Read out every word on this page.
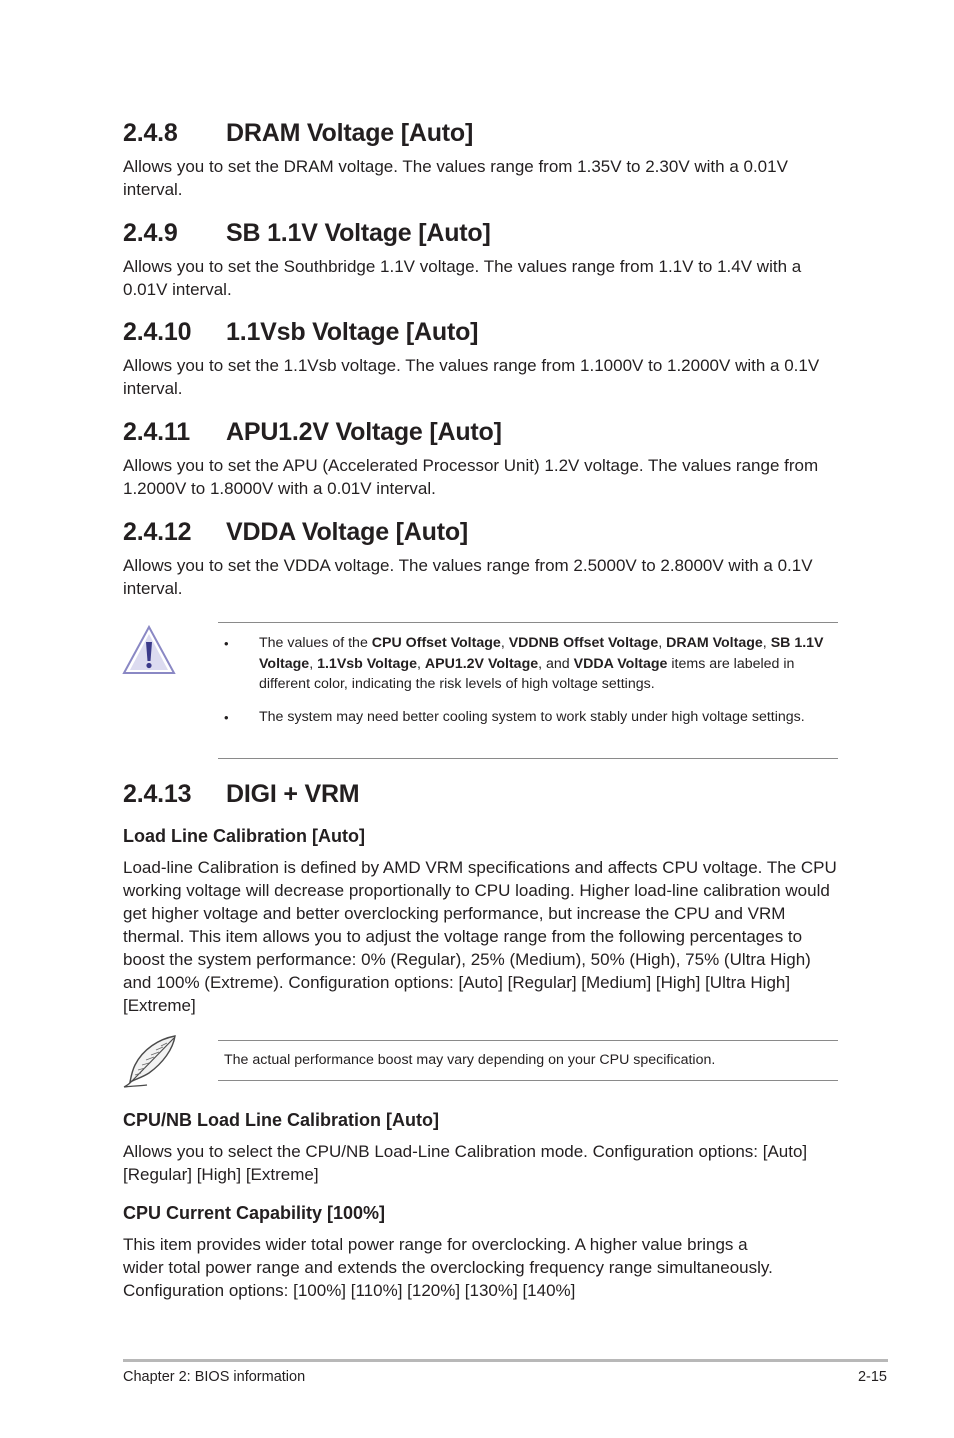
2.4.8 DRAM Voltage [Auto]

Allows you to set the DRAM voltage. The values range from 1.35V to 2.30V with a 0.01V interval.

2.4.9 SB 1.1V Voltage [Auto]

Allows you to set the Southbridge 1.1V voltage. The values range from 1.1V to 1.4V with a 0.01V interval.

2.4.10 1.1Vsb Voltage [Auto]

Allows you to set the 1.1Vsb voltage. The values range from 1.1000V to 1.2000V with a 0.1V interval.

2.4.11 APU1.2V Voltage [Auto]

Allows you to set the APU (Accelerated Processor Unit) 1.2V voltage. The values range from 1.2000V to 1.8000V with a 0.01V interval.

2.4.12 VDDA Voltage [Auto]

Allows you to set the VDDA voltage. The values range from 2.5000V to 2.8000V with a 0.1V interval.

• The values of the CPU Offset Voltage, VDDNB Offset Voltage, DRAM Voltage, SB 1.1V Voltage, 1.1Vsb Voltage, APU1.2V Voltage, and VDDA Voltage items are labeled in different color, indicating the risk levels of high voltage settings.

• The system may need better cooling system to work stably under high voltage settings.

2.4.13 DIGI + VRM
Load Line Calibration [Auto]

Load-line Calibration is defined by AMD VRM specifications and affects CPU voltage. The CPU working voltage will decrease proportionally to CPU loading. Higher load-line calibration would get higher voltage and better overclocking performance, but increase the CPU and VRM thermal. This item allows you to adjust the voltage range from the following percentages to boost the system performance: 0% (Regular), 25% (Medium), 50% (High), 75% (Ultra High) and 100% (Extreme). Configuration options: [Auto] [Regular] [Medium] [High] [Ultra High] [Extreme]

The actual performance boost may vary depending on your CPU specification.

CPU/NB Load Line Calibration [Auto]

Allows you to select the CPU/NB Load-Line Calibration mode. Configuration options: [Auto] [Regular] [High] [Extreme]

CPU Current Capability [100%]

This item provides wider total power range for overclocking. A higher value brings a
wider total power range and extends the overclocking frequency range simultaneously.
Configuration options: [100%] [110%] [120%] [130%] [140%]

Chapter 2: BIOS information	2-15
